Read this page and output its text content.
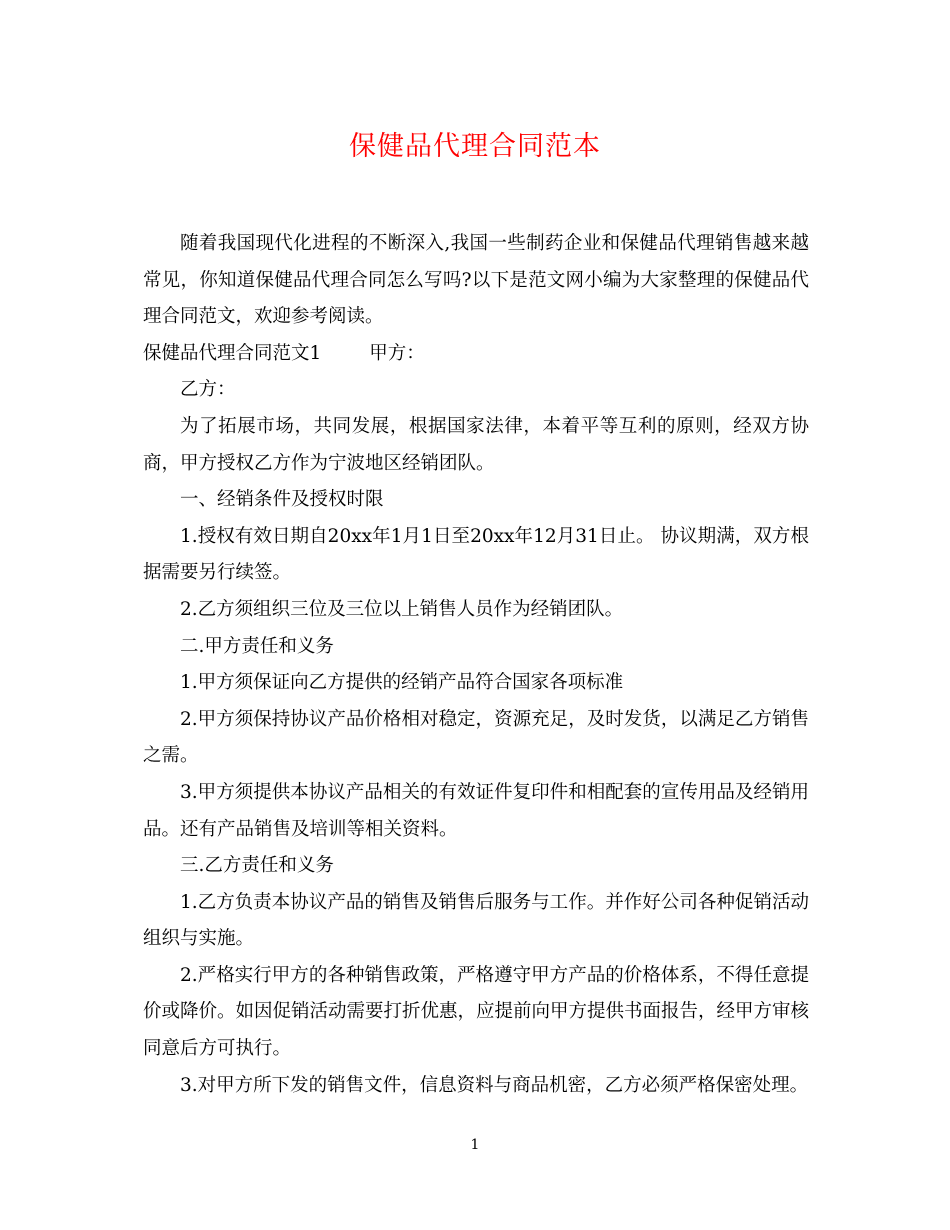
保健品代理合同范本

随着我国现代化进程的不断深入,我国一些制药企业和保健品代理销售越来越常见，你知道保健品代理合同怎么写吗?以下是范文网小编为大家整理的保健品代理合同范文，欢迎参考阅读。

保健品代理合同范文1	甲方：

乙方：

为了拓展市场，共同发展，根据国家法律，本着平等互利的原则，经双方协商，甲方授权乙方作为宁波地区经销团队。

一、经销条件及授权时限

1.授权有效日期自20xx年1月1日至20xx年12月31日止。 协议期满，双方根据需要另行续签。

2.乙方须组织三位及三位以上销售人员作为经销团队。

二.甲方责任和义务

1.甲方须保证向乙方提供的经销产品符合国家各项标准

2.甲方须保持协议产品价格相对稳定，资源充足，及时发货，以满足乙方销售之需。

3.甲方须提供本协议产品相关的有效证件复印件和相配套的宣传用品及经销用品。还有产品销售及培训等相关资料。

三.乙方责任和义务

1.乙方负责本协议产品的销售及销售后服务与工作。并作好公司各种促销活动组织与实施。

2.严格实行甲方的各种销售政策，严格遵守甲方产品的价格体系，不得任意提价或降价。如因促销活动需要打折优惠，应提前向甲方提供书面报告，经甲方审核同意后方可执行。

3.对甲方所下发的销售文件，信息资料与商品机密，乙方必须严格保密处理。

1
